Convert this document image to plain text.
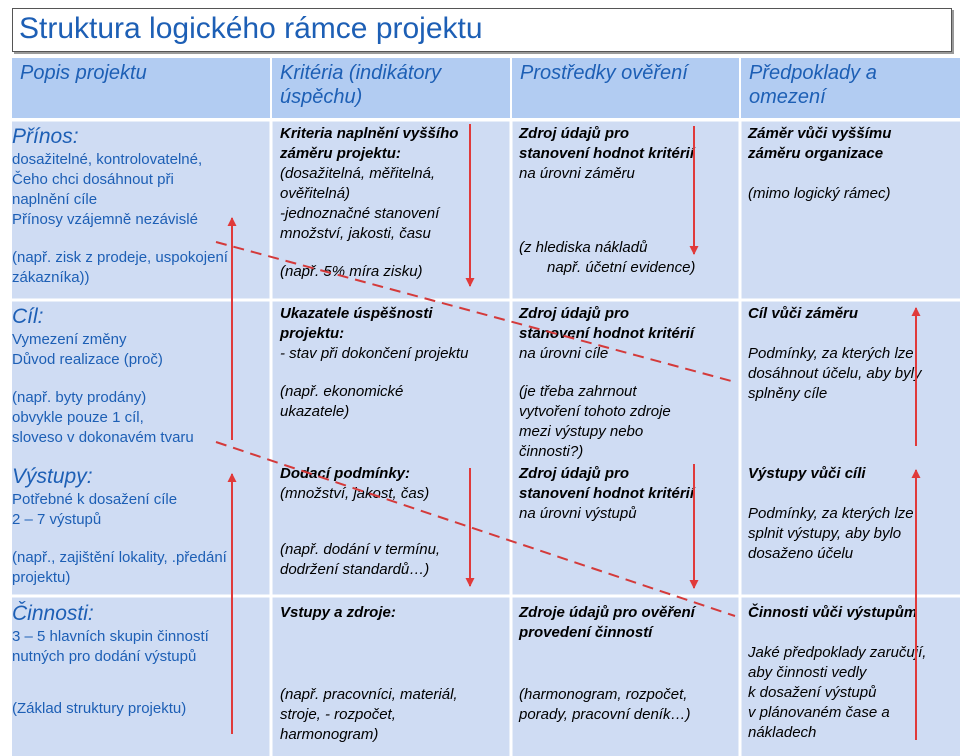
Struktura logického rámce projektu
Popis projektu	Kritéria (indikátory
úspěchu)
Prostředky ověření	Předpoklady a
omezení
Přínos:
dosažitelné, kontrolovatelné,
Čeho chci dosáhnout při
naplnění cíle
Přínosy vzájemně nezávislé
(např. zisk z prodeje, uspokojení
zákazníka))
Kriteria naplnění vyššího
záměru projektu:
(dosažitelná, měřitelná,
ověřitelná)
-jednoznačné stanovení
množství, jakosti, času
(např. 5% míra zisku)
Zdroj údajů pro
stanovení hodnot kritérií
na úrovni záměru
(z hlediska nákladů
např. účetní evidence)
Záměr vůči vyššímu
záměru organizace
(mimo logický rámec)
Cíl:
Vymezení změny
Důvod realizace (proč)
(např. byty prodány)
obvykle pouze 1 cíl,
sloveso v dokonavém tvaru
Ukazatele úspěšnosti
projektu:
- stav při dokončení projektu
(např. ekonomické
ukazatele)
Zdroj údajů pro
stanovení hodnot kritérií
na úrovni cíle
(je třeba zahrnout
vytvoření tohoto zdroje
mezi výstupy nebo
činnosti?)
Cíl vůči záměru
Podmínky, za kterých lze
dosáhnout účelu, aby byly
splněny cíle
Výstupy:
Potřebné k dosažení cíle
2 – 7 výstupů
(např., zajištění lokality, .předání
projektu)
Dodací podmínky:
(množství, jakost, čas)
(např. dodání v termínu,
dodržení standardů…)
Zdroj údajů pro
stanovení hodnot kritérií
na úrovni výstupů
Výstupy vůči cíli
Podmínky, za kterých lze
splnit výstupy, aby bylo
dosaženo účelu
Činnosti:
3 – 5 hlavních skupin činností
nutných pro dodání výstupů
(Základ struktury projektu)
Vstupy a zdroje:
(např. pracovníci, materiál,
stroje, - rozpočet,
harmonogram)
Zdroje údajů pro ověření
provedení činností
(harmonogram, rozpočet,
porady, pracovní deník…)
Činnosti vůči výstupům
Jaké předpoklady zaručují,
aby činnosti vedly
k dosažení výstupů
v plánovaném čase a
nákladech
